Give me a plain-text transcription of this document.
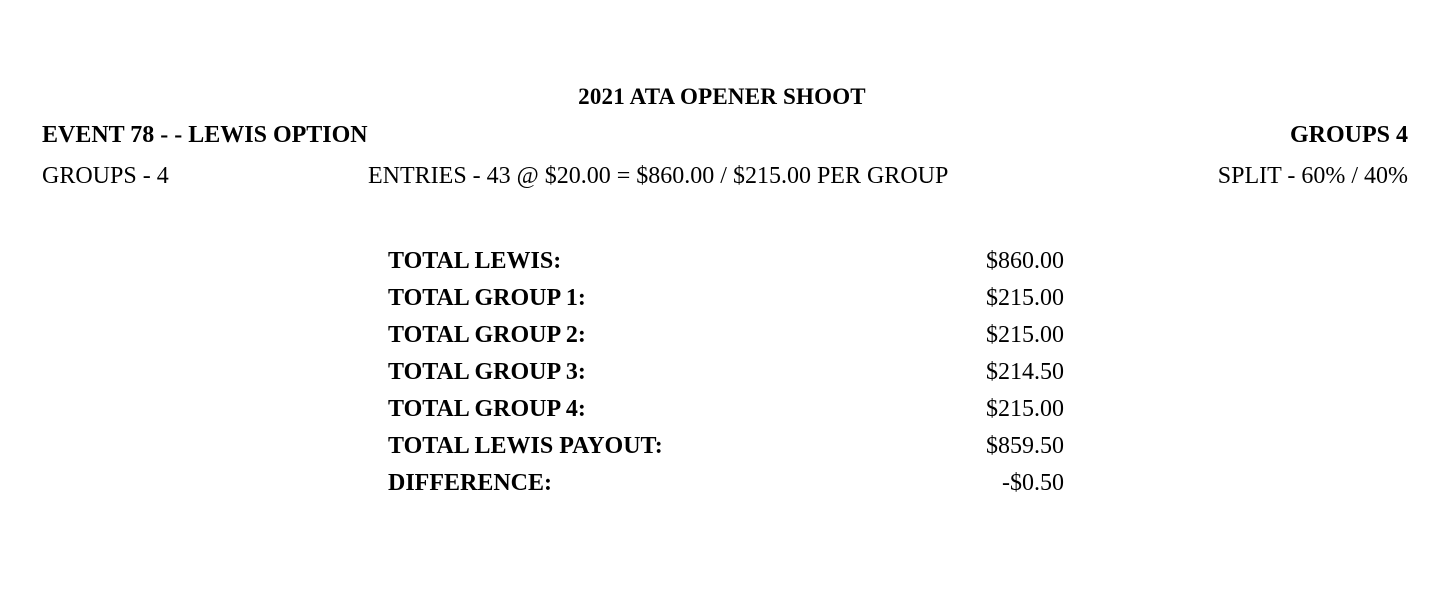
2021 ATA OPENER SHOOT
EVENT 78 - - LEWIS OPTION	GROUPS 4
GROUPS - 4	ENTRIES - 43 @ $20.00 = $860.00 / $215.00 PER GROUP	SPLIT - 60% / 40%
TOTAL LEWIS:	$860.00
TOTAL GROUP 1:	$215.00
TOTAL GROUP 2:	$215.00
TOTAL GROUP 3:	$214.50
TOTAL GROUP 4:	$215.00
TOTAL LEWIS PAYOUT:	$859.50
DIFFERENCE:	-$0.50
